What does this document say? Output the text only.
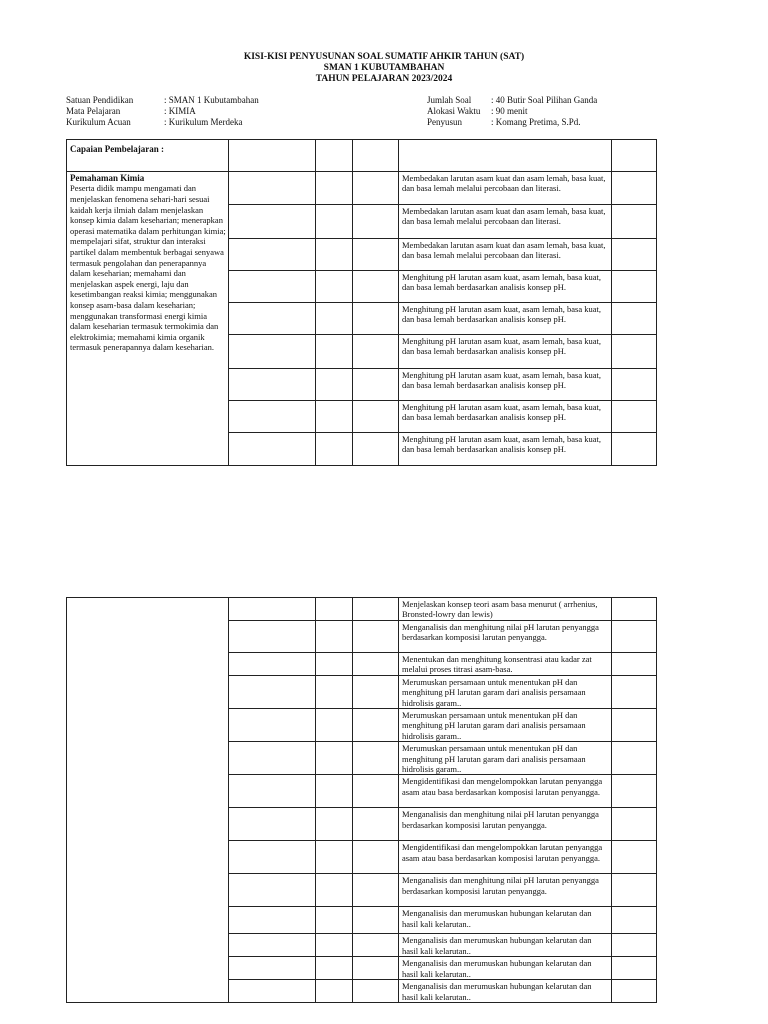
KISI-KISI PENYUSUNAN SOAL SUMATIF AHKIR TAHUN (SAT)
SMAN 1 KUBUTAMBAHAN
TAHUN PELAJARAN 2023/2024
Satuan Pendidikan	: SMAN 1 Kubutambahan
Mata Pelajaran	: KIMIA
Kurikulum Acuan	: Kurikulum Merdeka
Jumlah Soal	: 40 Butir Soal Pilihan Ganda
Alokasi Waktu	: 90 menit
Penyusun	: Komang Pretima, S.Pd.
Capaian Pembelajaran :					

Pemahaman Kimia
Peserta didik mampu mengamati dan menjelaskan fenomena sehari-hari sesuai kaidah kerja ilmiah dalam menjelaskan konsep kimia dalam keseharian; menerapkan operasi matematika dalam perhitungan kimia; mempelajari sifat, struktur dan interaksi partikel dalam membentuk berbagai senyawa termasuk pengolahan dan penerapannya dalam keseharian; memahami dan menjelaskan aspek energi, laju dan kesetimbangan reaksi kimia; menggunakan konsep asam-basa dalam keseharian; menggunakan transformasi energi kimia dalam keseharian termasuk termokimia dan elektrokimia; memahami kimia organik termasuk penerapannya dalam keseharian.				Membedakan larutan asam kuat dan asam lemah, basa kuat, dan basa lemah melalui percobaan dan literasi.	
				Membedakan larutan asam kuat dan asam lemah, basa kuat, dan basa lemah melalui percobaan dan literasi.	
				Membedakan larutan asam kuat dan asam lemah, basa kuat, dan basa lemah melalui percobaan dan literasi.	
				Menghitung pH larutan asam kuat, asam lemah, basa kuat, dan basa lemah berdasarkan analisis konsep pH.	
				Menghitung pH larutan asam kuat, asam lemah, basa kuat, dan basa lemah berdasarkan analisis konsep pH.	
				Menghitung pH larutan asam kuat, asam lemah, basa kuat, dan basa lemah berdasarkan analisis konsep pH.	
				Menghitung pH larutan asam kuat, asam lemah, basa kuat, dan basa lemah berdasarkan analisis konsep pH.	
				Menghitung pH larutan asam kuat, asam lemah, basa kuat, dan basa lemah berdasarkan analisis konsep pH.	
				Menghitung pH larutan asam kuat, asam lemah, basa kuat, dan basa lemah berdasarkan analisis konsep pH.	
				Menjelaskan konsep teori asam basa menurut ( arrhenius, Bronsted-lowry dan lewis)	
				Menganalisis dan menghitung nilai pH larutan penyangga berdasarkan komposisi larutan penyangga.	
				Menentukan dan menghitung konsentrasi atau kadar zat melalui proses titrasi asam-basa.	
				Merumuskan persamaan untuk menentukan pH dan menghitung pH larutan garam dari analisis persamaan hidrolisis garam..	
				Merumuskan persamaan untuk menentukan pH dan menghitung pH larutan garam dari analisis persamaan hidrolisis garam..	
				Merumuskan persamaan untuk menentukan pH dan menghitung pH larutan garam dari analisis persamaan hidrolisis garam..	
				Mengidentifikasi dan mengelompokkan larutan penyangga asam atau basa berdasarkan komposisi larutan penyangga.	
				Menganalisis dan menghitung nilai pH larutan penyangga berdasarkan komposisi larutan penyangga.	
				Mengidentifikasi dan mengelompokkan larutan penyangga asam atau basa berdasarkan komposisi larutan penyangga.	
				Menganalisis dan menghitung nilai pH larutan penyangga berdasarkan komposisi larutan penyangga.	
				Menganalisis dan merumuskan hubungan kelarutan dan hasil kali kelarutan..	
				Menganalisis dan merumuskan hubungan kelarutan dan hasil kali kelarutan..	
				Menganalisis dan merumuskan hubungan kelarutan dan hasil kali kelarutan..	
				Menganalisis dan merumuskan hubungan kelarutan dan hasil kali kelarutan..	
